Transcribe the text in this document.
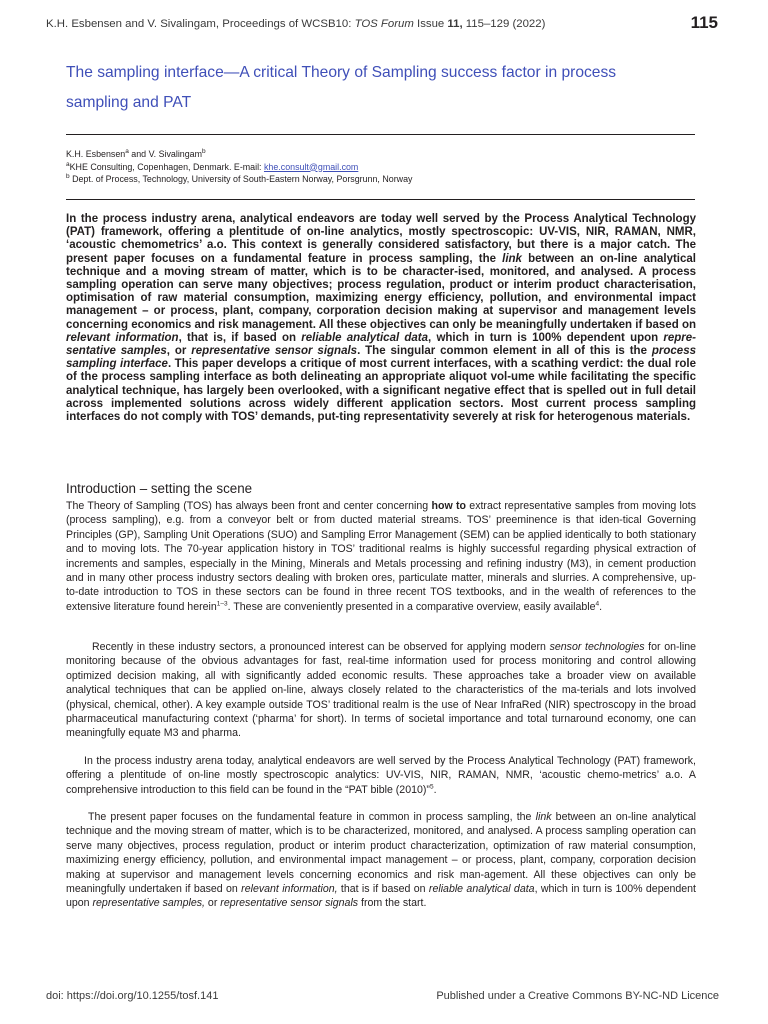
K.H. Esbensen and V. Sivalingam, Proceedings of WCSB10: TOS Forum Issue 11, 115–129 (2022)	115
The sampling interface—A critical Theory of Sampling success factor in process
sampling and PAT
K.H. Esbensen$^a$ and V. Sivalingam$^b$
$^a$KHE Consulting, Copenhagen, Denmark. E-mail: khe.consult@gmail.com
$^b$ Dept. of Process, Technology, University of South-Eastern Norway, Porsgrunn, Norway
In the process industry arena, analytical endeavors are today well served by the Process Analytical Technology (PAT) framework, offering a plentitude of on-line analytics, mostly spectroscopic: UV-VIS, NIR, RAMAN, NMR, ‘acoustic chemometrics’ a.o. This context is generally considered satisfactory, but there is a major catch. The present paper focuses on a fundamental feature in process sampling, the link between an on-line analytical technique and a moving stream of matter, which is to be character-ised, monitored, and analysed. A process sampling operation can serve many objectives; process regulation, product or interim product characterisation, optimisation of raw material consumption, maximizing energy efficiency, pollution, and environmental impact management – or process, plant, company, corporation decision making at supervisor and management levels concerning economics and risk management. All these objectives can only be meaningfully undertaken if based on relevant information, that is, if based on reliable analytical data, which in turn is 100% dependent upon repre-sentative samples, or representative sensor signals. The singular common element in all of this is the process sampling interface. This paper develops a critique of most current interfaces, with a scathing verdict: the dual role of the process sampling interface as both delineating an appropriate aliquot vol-ume while facilitating the specific analytical technique, has largely been overlooked, with a significant negative effect that is spelled out in full detail across implemented solutions across widely different application sectors. Most current process sampling interfaces do not comply with TOS’ demands, put-ting representativity severely at risk for heterogenous materials.
Introduction – setting the scene
The Theory of Sampling (TOS) has always been front and center concerning how to extract representative samples from moving lots (process sampling), e.g. from a conveyor belt or from ducted material streams. TOS’ preeminence is that iden-tical Governing Principles (GP), Sampling Unit Operations (SUO) and Sampling Error Management (SEM) can be applied identically to both stationary and to moving lots. The 70-year application history in TOS’ traditional realms is highly successful regarding physical extraction of increments and samples, especially in the Mining, Minerals and Metals processing and refining industry (M3), in cement production and in many other process industry sectors dealing with broken ores, particulate matter, minerals and slurries. A comprehensive, up-to-date introduction to TOS in these sectors can be found in three recent TOS textbooks, and in the wealth of references to the extensive literature found herein$^{1-3}$. These are conveniently presented in a comparative overview, easily available$^4$.
Recently in these industry sectors, a pronounced interest can be observed for applying modern sensor technologies for on-line monitoring because of the obvious advantages for fast, real-time information used for process monitoring and control allowing optimized decision making, all with significantly added economic results. These approaches take a broader view on available analytical techniques that can be applied on-line, always closely related to the characteristics of the ma-terials and lots involved (physical, chemical, other). A key example outside TOS’ traditional realm is the use of Near InfraRed (NIR) spectroscopy in the broad pharmaceutical manufacturing context (‘pharma’ for short). In terms of societal importance and total turnaround economy, one can meaningfully equate M3 and pharma.
In the process industry arena today, analytical endeavors are well served by the Process Analytical Technology (PAT) framework, offering a plentitude of on-line mostly spectroscopic analytics: UV-VIS, NIR, RAMAN, NMR, ‘acoustic chemo-metrics’ a.o. A comprehensive introduction to this field can be found in the “PAT bible (2010)”$^5$.
The present paper focuses on the fundamental feature in common in process sampling, the link between an on-line analytical technique and the moving stream of matter, which is to be characterized, monitored, and analysed. A process sampling operation can serve many objectives, process regulation, product or interim product characterization, optimization of raw material consumption, maximizing energy efficiency, pollution, and environmental impact management – or process, plant, company, corporation decision making at supervisor and management levels concerning economics and risk man-agement. All these objectives can only be meaningfully undertaken if based on relevant information, that is if based on reliable analytical data, which in turn is 100% dependent upon representative samples, or representative sensor signals from the start.
doi: https://doi.org/10.1255/tosf.141	Published under a Creative Commons BY-NC-ND Licence
